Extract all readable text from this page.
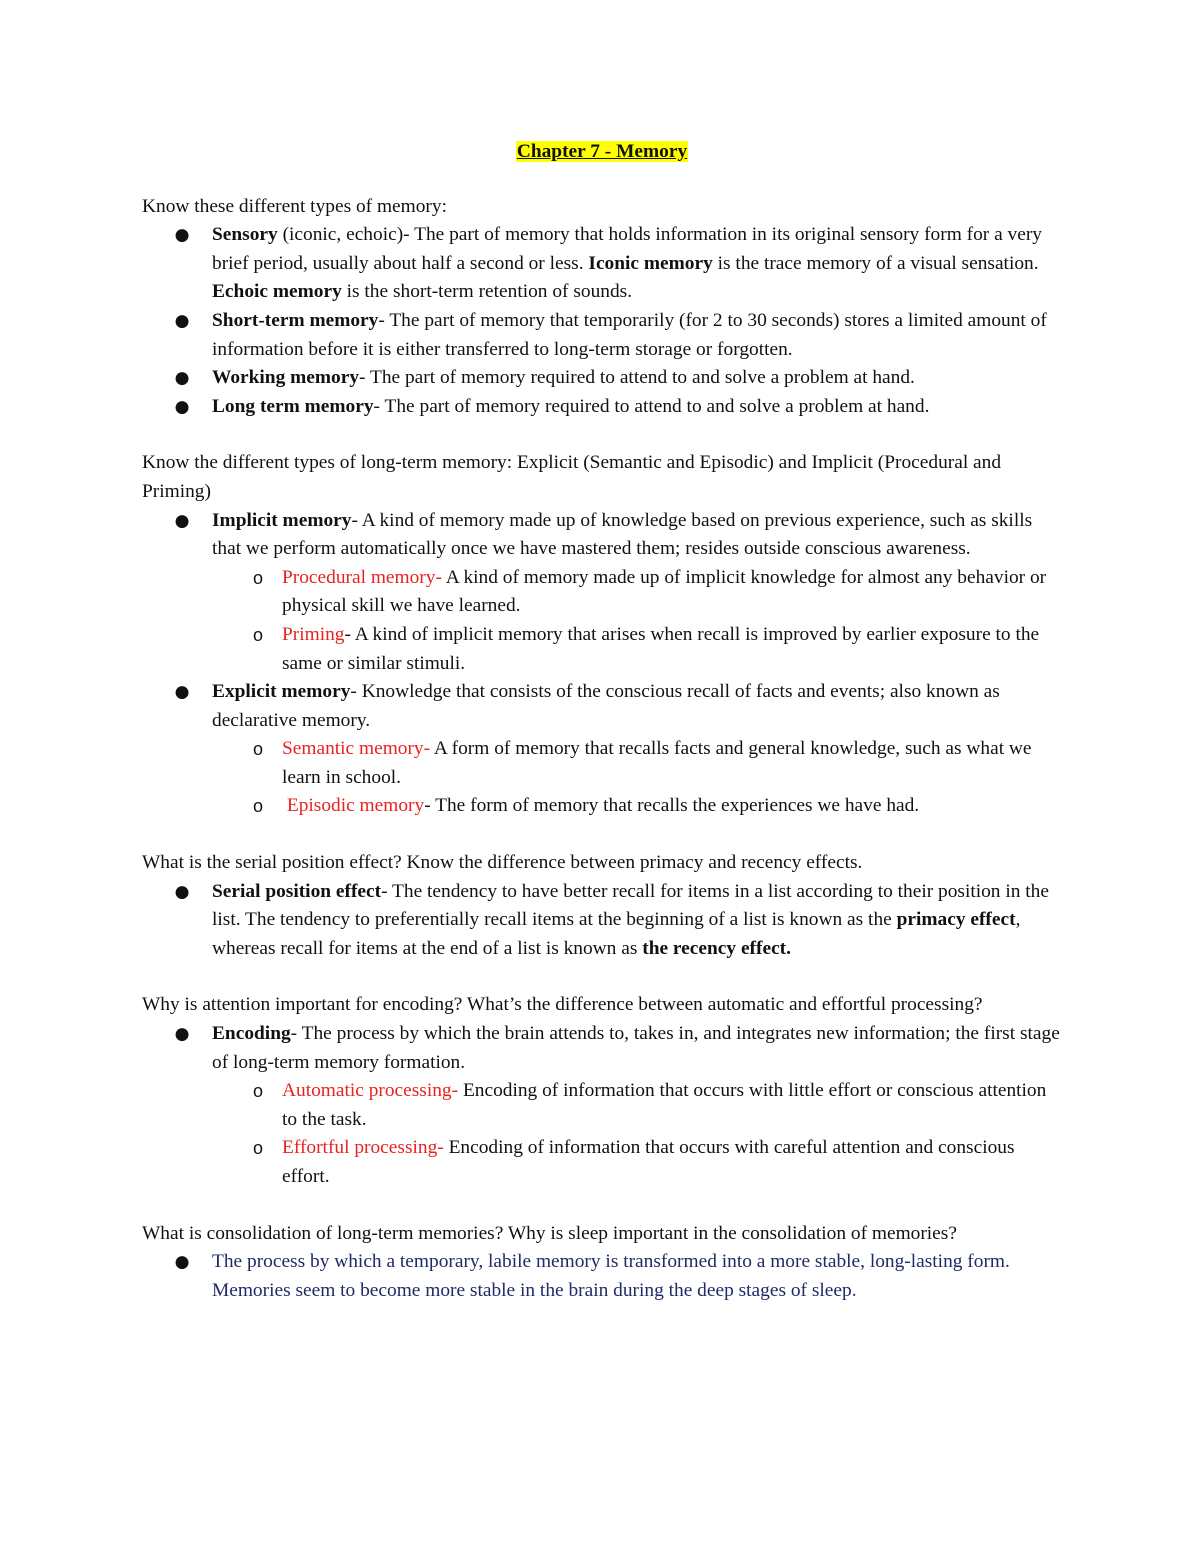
Chapter 7 - Memory

Know these different types of memory:

● Sensory (iconic, echoic)- The part of memory that holds information in its original sensory form for a very brief period, usually about half a second or less. Iconic memory is the trace memory of a visual sensation. Echoic memory is the short-term retention of sounds.
● Short-term memory- The part of memory that temporarily (for 2 to 30 seconds) stores a limited amount of information before it is either transferred to long-term storage or forgotten.
● Working memory- The part of memory required to attend to and solve a problem at hand.
● Long term memory- The part of memory required to attend to and solve a problem at hand.

Know the different types of long-term memory: Explicit (Semantic and Episodic) and Implicit (Procedural and Priming)

● Implicit memory- A kind of memory made up of knowledge based on previous experience, such as skills that we perform automatically once we have mastered them; resides outside conscious awareness.
o Procedural memory- A kind of memory made up of implicit knowledge for almost any behavior or physical skill we have learned.
o Priming- A kind of implicit memory that arises when recall is improved by earlier exposure to the same or similar stimuli.
● Explicit memory- Knowledge that consists of the conscious recall of facts and events; also known as declarative memory.
o Semantic memory- A form of memory that recalls facts and general knowledge, such as what we learn in school.
o Episodic memory- The form of memory that recalls the experiences we have had.

What is the serial position effect? Know the difference between primacy and recency effects.

● Serial position effect- The tendency to have better recall for items in a list according to their position in the list. The tendency to preferentially recall items at the beginning of a list is known as the primacy effect, whereas recall for items at the end of a list is known as the recency effect.

Why is attention important for encoding? What’s the difference between automatic and effortful processing?

● Encoding- The process by which the brain attends to, takes in, and integrates new information; the first stage of long-term memory formation.
o Automatic processing- Encoding of information that occurs with little effort or conscious attention to the task.
o Effortful processing- Encoding of information that occurs with careful attention and conscious effort.

What is consolidation of long-term memories? Why is sleep important in the consolidation of memories?

● The process by which a temporary, labile memory is transformed into a more stable, long-lasting form. Memories seem to become more stable in the brain during the deep stages of sleep.
